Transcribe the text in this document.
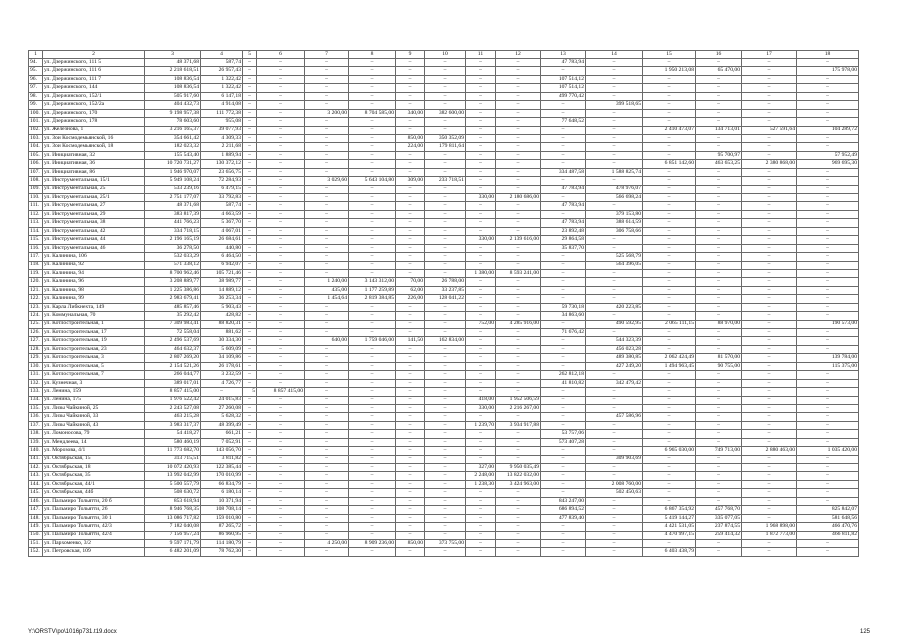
1	2	3	4	5	6	7	8	9	10	11	12	13	14	15	16	17	18
94.	ул. Дзержинского, 111 5	48 371,68	587,74	–	–	–	–	–	–	–	–	47 783,94	–	–	–	–	–
95.	ул. Дзержинского, 111 6	2 218 618,51	26 957,43	–	–	–	–	–	–	–	–	–	–	1 950 213,08	65 470,00	–	175 978,00
96.	ул. Дзержинского, 111 7	108 836,54	1 322,42	–	–	–	–	–	–	–	–	107 514,12	–	–	–	–	–
97.	ул. Дзержинского, 144	108 836,54	1 322,42	–	–	–	–	–	–	–	–	107 514,12	–	–	–	–	–
98.	ул. Дзержинского, 152/1	505 917,60	6 147,18	–	–	–	–	–	–	–	–	499 770,42	–	–	–	–	–
99.	ул. Дзержинского, 152/2а	404 432,73	4 914,08	–	–	–	–	–	–	–	–	–	399 518,65	–	–	–	–
100.	ул. Дзержинского, 170	9 198 957,38	111 772,38	–	–	3 200,00	8 704 585,00	340,00	382 600,00	–	–	–	–	–	–	–	–
101.	ул. Дзержинского, 178	78 603,60	955,08	–	–	–	–	–	–	–	–	77 648,52	–	–	–	–	–
102.	ул. Железнова, 1	3 216 165,37	39 077,93	–	–	–	–	–	–	–	–	–	–	2 410 473,07	134 713,01	527 591,64	104 289,72
103.	ул. Зои Космодемьянской, 16	354 661,42	4 309,33	–	–	–	–	850,00	350 352,09	–	–	–	–	–	–	–	–
104.	ул. Зои Космодемьянской, 18	182 023,32	2 211,68	–	–	–	–	224,00	179 811,64	–	–	–	–	–	–	–	–
105.	ул. Инициативная, 32	155 543,40	1 889,94	–	–	–	–	–	–	–	–	–	–	–	95 700,97	–	57 952,49
106.	ул. Инициативная, 36	10 720 731,27	130 372,12	–	–	–	–	–	–	–	–	–	–	6 851 142,60	463 653,25	2 380 868,00	969 695,30
107.	ул. Инициативная, 86	1 946 970,07	23 656,75	–	–	–	–	–	–	–	–	334 487,58	1 588 825,74	–	–	–	–
108.	ул. Инструментальная, 15/1	5 949 108,24	72 284,93	–	–	3 029,60	5 643 104,80	309,00	233 718,51	–	–	–	–	–	–	–	–
109.	ул. Инструментальная, 25	533 239,16	6 479,15	–	–	–	–	–	–	–	–	47 783,94	478 976,07	–	–	–	–
110.	ул. Инструментальная, 25/1	2 751 177,07	33 792,83	–	–	–	–	–	–	330,00	2 180 686,00	–	566 698,24	–	–	–	–
111.	ул. Инструментальная, 27	48 371,68	587,74	–	–	–	–	–	–	–	–	47 783,94	–	–	–	–	–
112.	ул. Инструментальная, 29	383 817,39	4 663,59	–	–	–	–	–	–	–	–	–	379 153,80	–	–	–	–
113.	ул. Инструментальная, 38	441 766,23	5 367,70	–	–	–	–	–	–	–	–	47 783,94	388 614,59	–	–	–	–
114.	ул. Инструментальная, 42	334 718,15	4 067,01	–	–	–	–	–	–	–	–	23 892,48	306 758,66	–	–	–	–
115.	ул. Инструментальная, 44	2 196 165,19	26 684,61	–	–	–	–	–	–	330,00	2 139 616,00	29 864,58	–	–	–	–	–
116.	ул. Инструментальная, 46	36 278,50	440,80	–	–	–	–	–	–	–	–	35 837,70	–	–	–	–	–
117.	ул. Калинина, 106	532 033,29	6 464,50	–	–	–	–	–	–	–	–	–	525 568,79	–	–	–	–
118.	ул. Калинина, 92	571 338,12	6 942,07	–	–	–	–	–	–	–	–	–	564 396,05	–	–	–	–
119.	ул. Калинина, 94	8 700 962,46	105 721,46	–	–	–	–	–	–	1 380,00	8 593 241,00	–	–	–	–	–	–
120.	ул. Калинина, 96	3 208 889,77	38 989,77	–	–	1 240,00	3 143 312,00	70,00	26 788,00	–	–	–	–	–	–	–	–
121.	ул. Калинина, 98	1 225 386,86	14 889,12	–	–	435,00	1 177 259,89	62,00	33 237,85	–	–	–	–	–	–	–	–
122.	ул. Калинина, 99	2 983 679,41	36 253,34	–	–	1 454,64	2 819 384,85	226,00	128 041,22	–	–	–	–	–	–	–	–
123.	ул. Карла Либкнехта, 149	485 857,46	5 903,43	–	–	–	–	–	–	–	–	59 730,18	420 223,85	–	–	–	–
124.	ул. Коммунальная, 70	35 292,42	428,82	–	–	–	–	–	–	–	–	34 863,60	–	–	–	–	–
125.	ул. Котлостроительная, 1	7 309 983,41	88 820,31	–	–	–	–	–	–	752,00	4 285 916,00	–	490 592,95	2 065 111,15	88 970,00	–	190 573,00
126.	ул. Котлостроительная, 17	72 558,04	881,62	–	–	–	–	–	–	–	–	71 676,42	–	–	–	–	–
127.	ул. Котлостроительная, 19	2 496 537,69	30 334,30	–	–	640,00	1 759 046,00	141,50	162 834,00	–	–	–	544 323,39	–	–	–	–
128.	ул. Котлостроительная, 23	464 632,37	5 609,09	–	–	–	–	–	–	–	–	–	456 023,28	–	–	–	–
129.	ул. Котлостроительная, 3	2 807 269,20	34 109,86	–	–	–	–	–	–	–	–	–	489 380,85	2 062 424,49	81 570,00	–	139 784,00
130.	ул. Котлостроительная, 5	2 154 521,26	26 178,61	–	–	–	–	–	–	–	–	–	427 249,20	1 494 963,45	90 755,00	–	115 375,00
131.	ул. Котлостроительная, 7	266 044,77	3 232,59	–	–	–	–	–	–	–	–	262 812,18	–	–	–	–	–
132.	ул. Кузнечная, 3	389 017,01	4 726,77	–	–	–	–	–	–	–	–	41 810,82	342 479,42	–	–	–	–
133.	ул. Ленина, 159	8 857 415,00	–	5	8 857 415,00	–	–	–	–	–	–	–	–	–	–	–	–
134.	ул. Ленина, 175	1 976 522,42	24 015,83	–	–	–	–	–	–	418,00	1 952 506,59	–	–	–	–	–	–
135.	ул. Лизы Чайкиной, 25	2 243 527,08	27 260,08	–	–	–	–	–	–	330,00	2 216 267,00	–	–	–	–	–	–
136.	ул. Лизы Чайкиной, 33	463 215,28	5 628,32	–	–	–	–	–	–	–	–	–	457 586,96	–	–	–	–
137.	ул. Лизы Чайкиной, 43	3 983 317,37	48 399,49	–	–	–	–	–	–	1 239,70	3 934 917,88	–	–	–	–	–	–
138.	ул. Ломоносова, 79	54 418,27	661,21	–	–	–	–	–	–	–	–	53 757,06	–	–	–	–	–
139.	ул. Мендлеева, 14	580 460,19	7 052,91	–	–	–	–	–	–	–	–	573 407,28	–	–	–	–	–
140.	ул. Морозова, 4/1	11 773 682,70	143 056,70	–	–	–	–	–	–	–	–	–	–	6 965 030,00	749 713,00	2 880 463,00	1 035 420,00
141.	ул. Октябрьская, 15	313 715,51	3 811,82	–	–	–	–	–	–	–	–	–	309 903,69	–	–	–	–
142.	ул. Октябрьская, 18	10 072 420,93	122 385,44	–	–	–	–	–	–	327,00	9 950 035,49	–	–	–	–	–	–
143.	ул. Октябрьская, 35	13 992 042,99	170 010,99	–	–	–	–	–	–	2 248,00	13 822 032,00	–	–	–	–	–	–
144.	ул. Октябрьская, 44/1	5 500 557,79	66 834,79	–	–	–	–	–	–	1 238,30	3 424 963,00	–	2 008 760,00	–	–	–	–
145.	ул. Октябрьская, 44б	508 630,72	6 180,14	–	–	–	–	–	–	–	–	–	502 450,63	–	–	–	–
146.	ул. Пальмиро Тольятти, 20 б	853 618,94	10 371,94	–	–	–	–	–	–	–	–	843 247,00	–	–	–	–	–
147.	ул. Пальмиро Тольятти, 26	8 946 768,35	108 708,14	–	–	–	–	–	–	–	–	686 894,52	–	6 867 354,92	457 768,70	–	825 842,07
148.	ул. Пальмиро Тольятти, 30 1	13 086 717,82	159 010,80	–	–	–	–	–	–	–	–	477 839,40	–	5 419 144,27	335 077,05	–	581 648,56
149.	ул. Пальмиро Тольятти, 42/3	7 182 040,08	87 265,72	–	–	–	–	–	–	–	–	–	–	4 421 531,05	237 874,55	1 968 898,00	466 470,76
150.	ул. Пальмиро Тольятти, 42/4	7 156 957,24	86 960,95	–	–	–	–	–	–	–	–	–	–	4 470 997,15	259 414,32	1 872 773,00	466 811,82
151.	ул. Пархоменко, 3/2	9 597 171,79	114 180,79	–	–	4 250,00	8 909 236,00	850,00	373 755,00	–	–	–	–	–	–	–	–
152.	ул. Петровская, 109	6 482 201,09	78 762,30	–	–	–	–	–	–	–	–	–	–	6 403 438,79	–	–	–
Y:\ORSTV\po\1016p731.t19.docx	125
